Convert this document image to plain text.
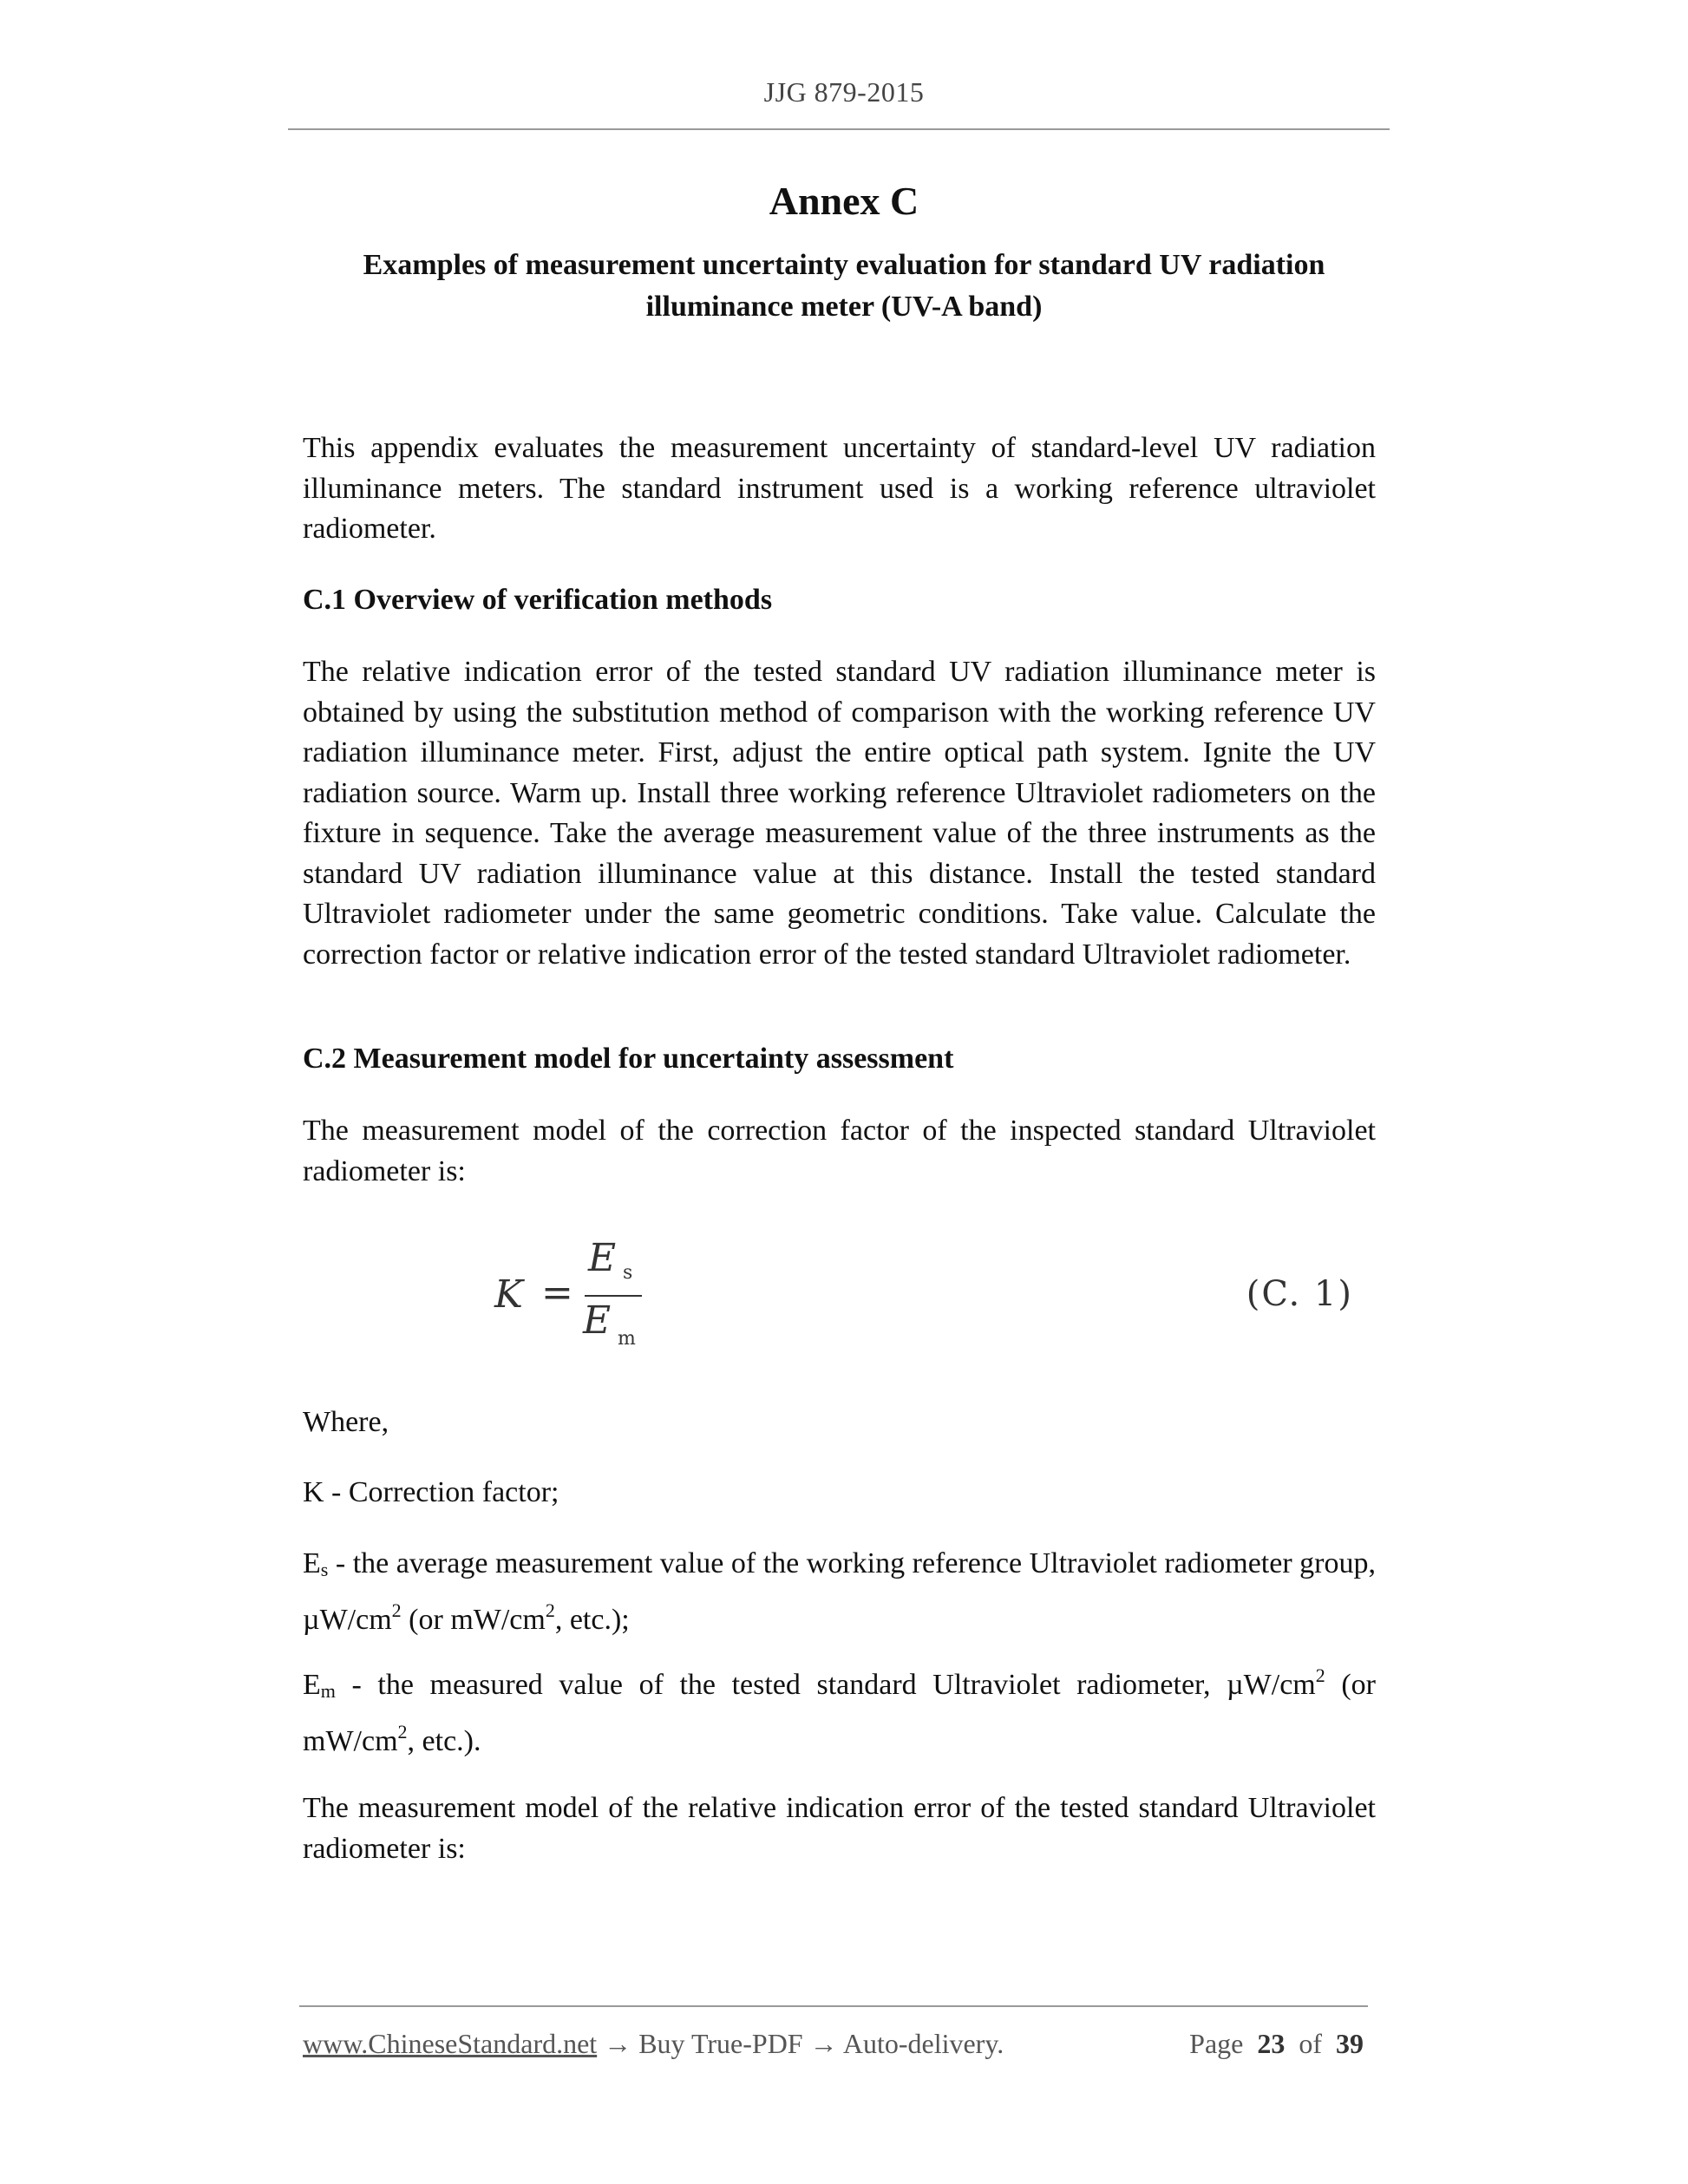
JJG 879-2015
Annex C
Examples of measurement uncertainty evaluation for standard UV radiation
illuminance meter (UV-A band)
This appendix evaluates the measurement uncertainty of standard-level UV radiation illuminance meters. The standard instrument used is a working reference ultraviolet radiometer.
C.1 Overview of verification methods
The relative indication error of the tested standard UV radiation illuminance meter is obtained by using the substitution method of comparison with the working reference UV radiation illuminance meter. First, adjust the entire optical path system. Ignite the UV radiation source. Warm up. Install three working reference Ultraviolet radiometers on the fixture in sequence. Take the average measurement value of the three instruments as the standard UV radiation illuminance value at this distance. Install the tested standard Ultraviolet radiometer under the same geometric conditions. Take value. Calculate the correction factor or relative indication error of the tested standard Ultraviolet radiometer.
C.2 Measurement model for uncertainty assessment
The measurement model of the correction factor of the inspected standard Ultraviolet radiometer is:
K =
E s
E m
(C. 1)
Where,
K - Correction factor;
Es - the average measurement value of the working reference Ultraviolet radiometer group, $\mu W/cm^2$ (or $mW/cm^2$, etc.);
Em - the measured value of the tested standard Ultraviolet radiometer, $\mu W/cm^2$ (or $mW/cm^2$, etc.).
The measurement model of the relative indication error of the tested standard Ultraviolet radiometer is:
www.ChineseStandard.net → Buy True-PDF → Auto-delivery.	Page 23 of 39
